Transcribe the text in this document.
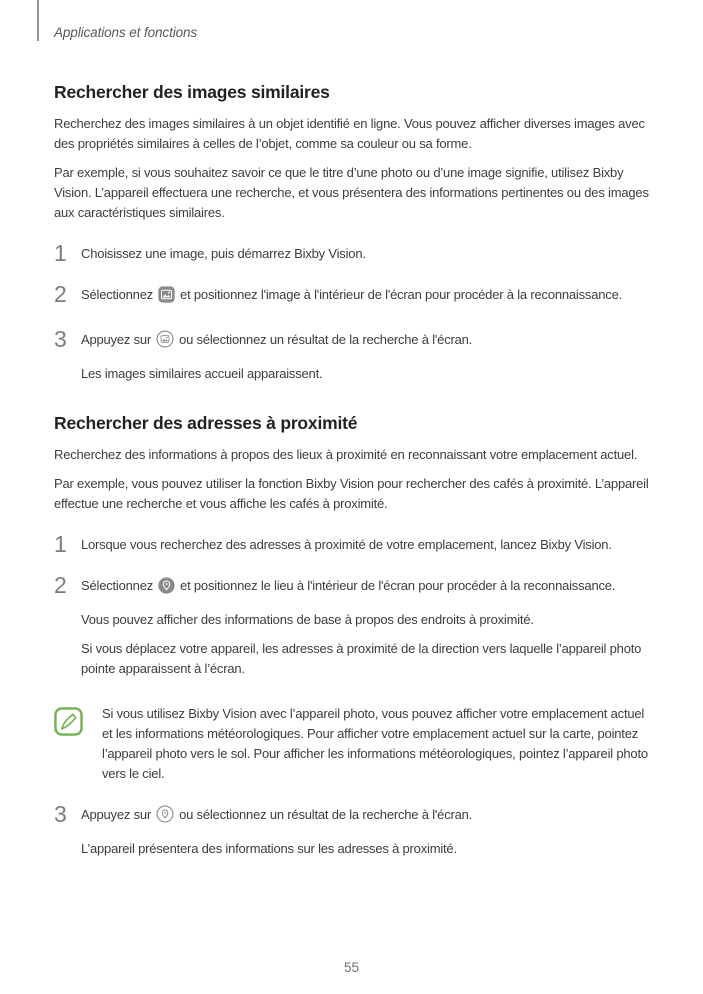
Applications et fonctions
Rechercher des images similaires

Recherchez des images similaires à un objet identifié en ligne. Vous pouvez afficher diverses images avec des propriétés similaires à celles de l’objet, comme sa couleur ou sa forme.

Par exemple, si vous souhaitez savoir ce que le titre d’une photo ou d’une image signifie, utilisez Bixby Vision. L’appareil effectuera une recherche, et vous présentera des informations pertinentes ou des images aux caractéristiques similaires.

1	Choisissez une image, puis démarrez Bixby Vision.
2	Sélectionnez et positionnez l'image à l'intérieur de l'écran pour procéder à la reconnaissance.
3	Appuyez sur ou sélectionnez un résultat de la recherche à l'écran.
Les images similaires accueil apparaissent.
Rechercher des adresses à proximité

Recherchez des informations à propos des lieux à proximité en reconnaissant votre emplacement actuel.

Par exemple, vous pouvez utiliser la fonction Bixby Vision pour rechercher des cafés à proximité. L’appareil effectue une recherche et vous affiche les cafés à proximité.

1	Lorsque vous recherchez des adresses à proximité de votre emplacement, lancez Bixby Vision.
2	Sélectionnez et positionnez le lieu à l'intérieur de l'écran pour procéder à la reconnaissance.
Vous pouvez afficher des informations de base à propos des endroits à proximité.
Si vous déplacez votre appareil, les adresses à proximité de la direction vers laquelle l’appareil photo pointe apparaissent à l’écran.
Si vous utilisez Bixby Vision avec l’appareil photo, vous pouvez afficher votre emplacement actuel et les informations météorologiques. Pour afficher votre emplacement actuel sur la carte, pointez l’appareil photo vers le sol. Pour afficher les informations météorologiques, pointez l’appareil photo vers le ciel.
3	Appuyez sur ou sélectionnez un résultat de la recherche à l'écran.
L’appareil présentera des informations sur les adresses à proximité.
55
